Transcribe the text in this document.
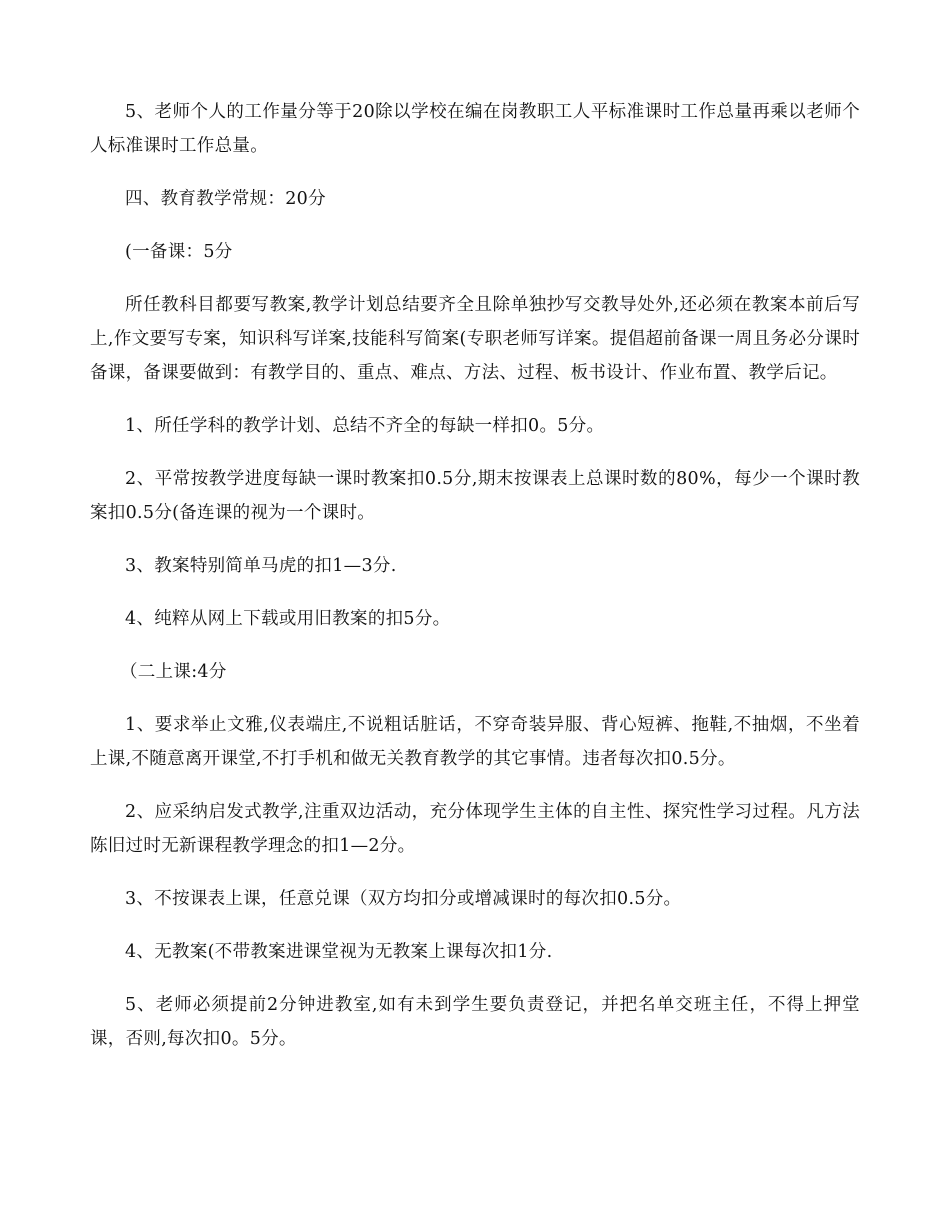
5、老师个人的工作量分等于20除以学校在编在岗教职工人平标准课时工作总量再乘以老师个人标准课时工作总量。

四、教育教学常规：20分

(一备课：5分

所任教科目都要写教案,教学计划总结要齐全且除单独抄写交教导处外,还必须在教案本前后写上,作文要写专案，知识科写详案,技能科写简案(专职老师写详案。提倡超前备课一周且务必分课时备课，备课要做到：有教学目的、重点、难点、方法、过程、板书设计、作业布置、教学后记。

1、所任学科的教学计划、总结不齐全的每缺一样扣0。5分。

2、平常按教学进度每缺一课时教案扣0.5分,期末按课表上总课时数的80%，每少一个课时教案扣0.5分(备连课的视为一个课时。

3、教案特别简单马虎的扣1—3分.

4、纯粹从网上下载或用旧教案的扣5分。

（二上课:4分

1、要求举止文雅,仪表端庄,不说粗话脏话，不穿奇装异服、背心短裤、拖鞋,不抽烟，不坐着上课,不随意离开课堂,不打手机和做无关教育教学的其它事情。违者每次扣0.5分。

2、应采纳启发式教学,注重双边活动，充分体现学生主体的自主性、探究性学习过程。凡方法陈旧过时无新课程教学理念的扣1—2分。

3、不按课表上课，任意兑课（双方均扣分或增减课时的每次扣0.5分。

4、无教案(不带教案进课堂视为无教案上课每次扣1分.

5、老师必须提前2分钟进教室,如有未到学生要负责登记，并把名单交班主任，不得上押堂课，否则,每次扣0。5分。
